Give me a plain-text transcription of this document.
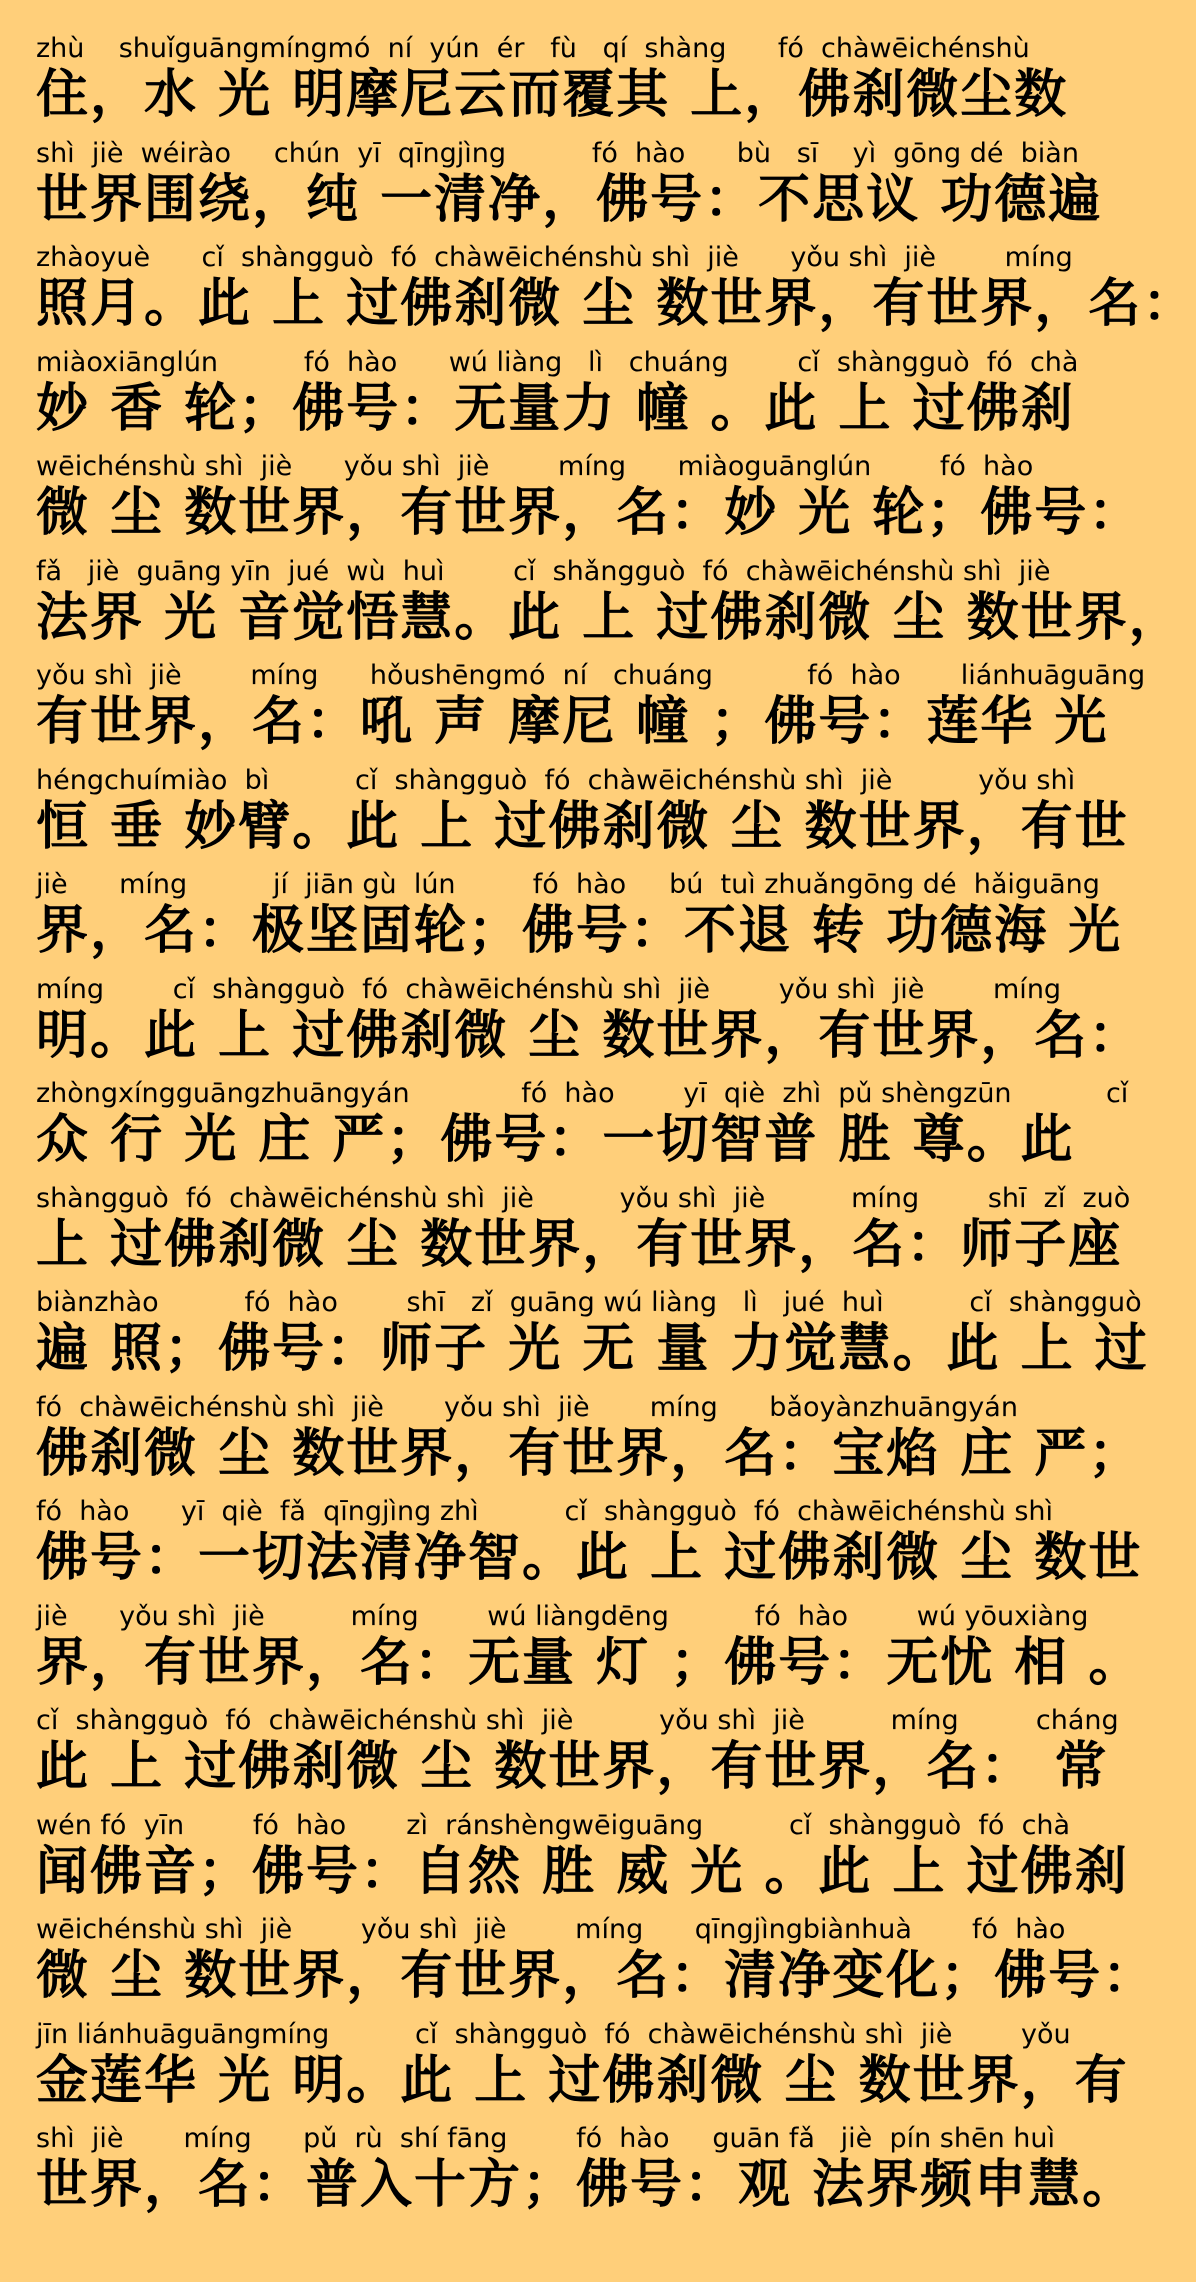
zhù    shuǐguāngmíngmó  ní  yún  ér   fù   qí  shàng      fó  chàwēichénshù
住，水 光 明摩尼云而覆其 上，佛刹微尘数
shì  jiè  wéirào     chún  yī  qīngjìng          fó  hào      bù   sī    yì  gōng dé  biàn
世界围绕，纯 一清净，佛号：不思议 功德遍
zhàoyuè      cǐ  shàngguò  fó  chàwēichénshù shì  jiè      yǒu shì  jiè        míng
照月。此 上 过佛刹微 尘 数世界，有世界，名：
miàoxiānglún          fó  hào      wú liàng   lì   chuáng        cǐ  shàngguò  fó  chà
妙 香 轮；佛号：无量力 幢 。此 上 过佛刹
wēichénshù shì  jiè      yǒu shì  jiè        míng      miàoguānglún        fó  hào
微 尘 数世界，有世界，名：妙 光 轮；佛号：
fǎ   jiè  guāng yīn  jué  wù  huì        cǐ  shǎngguò  fó  chàwēichénshù shì  jiè
法界 光 音觉悟慧。此 上 过佛刹微 尘 数世界，
yǒu shì  jiè        míng      hǒushēngmó  ní   chuáng           fó  hào       liánhuāguāng
有世界，名：吼 声 摩尼 幢 ；佛号：莲华 光
héngchuímiào  bì          cǐ  shàngguò  fó  chàwēichénshù shì  jiè          yǒu shì
恒 垂 妙臂。此 上 过佛刹微 尘 数世界，有世
jiè      míng          jí  jiān gù  lún         fó  hào     bú  tuì zhuǎngōng dé  hǎiguāng
界，名：极坚固轮；佛号：不退 转 功德海 光
míng        cǐ  shàngguò  fó  chàwēichénshù shì  jiè        yǒu shì  jiè        míng
明。此 上 过佛刹微 尘 数世界，有世界，名：
zhòngxíngguāngzhuāngyán             fó  hào        yī  qiè  zhì  pǔ shèngzūn           cǐ
众 行 光 庄 严；佛号：一切智普 胜 尊。此
shàngguò  fó  chàwēichénshù shì  jiè          yǒu shì  jiè          míng        shī  zǐ  zuò
上 过佛刹微 尘 数世界，有世界，名：师子座
biànzhào          fó  hào        shī   zǐ  guāng wú liàng   lì   jué  huì          cǐ  shàngguò
遍 照；佛号：师子 光 无 量 力觉慧。此 上 过
fó  chàwēichénshù shì  jiè       yǒu shì  jiè       míng      bǎoyànzhuāngyán
佛刹微 尘 数世界，有世界，名：宝焰 庄 严；
fó  hào      yī  qiè  fǎ  qīngjìng zhì          cǐ  shàngguò  fó  chàwēichénshù shì
佛号：一切法清净智。此 上 过佛刹微 尘 数世
jiè      yǒu shì  jiè          míng        wú liàngdēng          fó  hào        wú yōuxiàng
界，有世界，名：无量 灯 ；佛号：无忧 相 。
cǐ  shàngguò  fó  chàwēichénshù shì  jiè          yǒu shì  jiè          míng         cháng
此 上 过佛刹微 尘 数世界，有世界，名： 常
wén fó  yīn        fó  hào       zì  ránshèngwēiguāng          cǐ  shàngguò  fó  chà
闻佛音；佛号：自然 胜 威 光 。此 上 过佛刹
wēichénshù shì  jiè        yǒu shì  jiè        míng      qīngjìngbiànhuà       fó  hào
微 尘 数世界，有世界，名：清净变化；佛号：
jīn liánhuāguāngmíng          cǐ  shàngguò  fó  chàwēichénshù shì  jiè        yǒu
金莲华 光 明。此 上 过佛刹微 尘 数世界，有
shì  jiè       míng      pǔ  rù  shí fāng        fó  hào     guān fǎ   jiè  pín shēn huì
世界，名：普入十方；佛号：观 法界频申慧。
